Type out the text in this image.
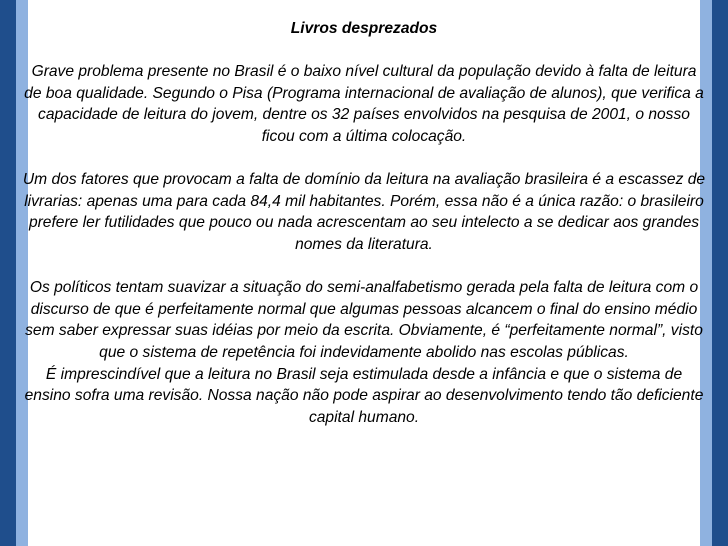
Livros desprezados

Grave problema presente no Brasil é o baixo nível cultural da população devido à falta de leitura de boa qualidade. Segundo o Pisa (Programa internacional de avaliação de alunos), que verifica a capacidade de leitura do jovem, dentre os 32 países envolvidos na pesquisa de 2001, o nosso ficou com a última colocação.

Um dos fatores que provocam a falta de domínio da leitura na avaliação brasileira é a escassez de livrarias: apenas uma para cada 84,4 mil habitantes. Porém, essa não é a única razão: o brasileiro prefere ler futilidades que pouco ou nada acrescentam ao seu intelecto a se dedicar aos grandes nomes da literatura.

Os políticos tentam suavizar a situação do semi-analfabetismo gerada pela falta de leitura com o discurso de que é perfeitamente normal que algumas pessoas alcancem o final do ensino médio sem saber expressar suas idéias por meio da escrita. Obviamente, é “perfeitamente normal”, visto que o sistema de repetência foi indevidamente abolido nas escolas públicas.

É imprescindível que a leitura no Brasil seja estimulada desde a infância e que o sistema de ensino sofra uma revisão. Nossa nação não pode aspirar ao desenvolvimento tendo tão deficiente capital humano.
